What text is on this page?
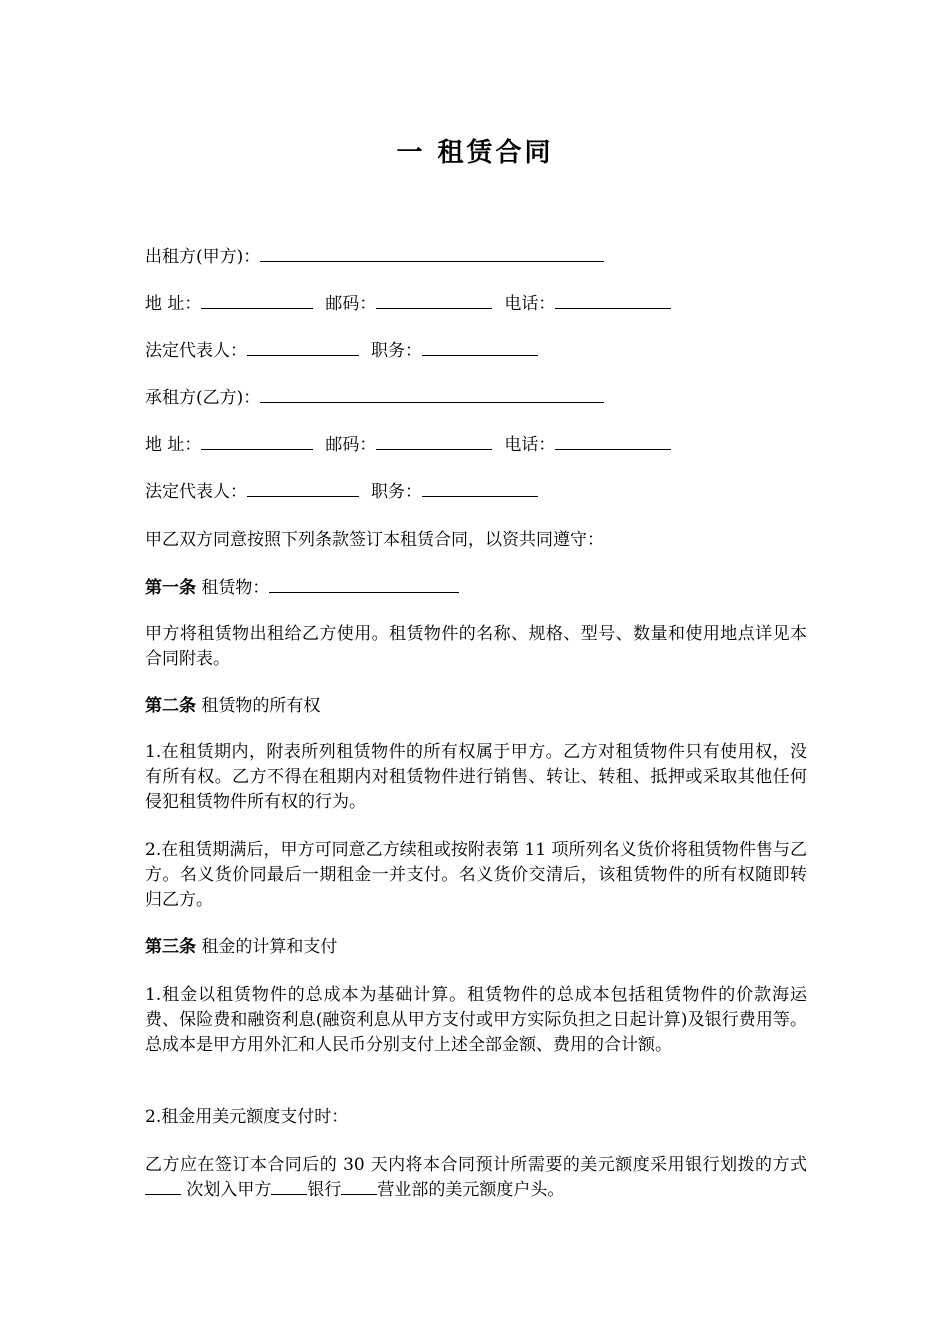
一 租赁合同
出租方(甲方)：
地 址：	邮码：	电话：
法定代表人：	职务：
承租方(乙方)：
地 址：	邮码：	电话：
法定代表人：	职务：
甲乙双方同意按照下列条款签订本租赁合同，以资共同遵守：
第一条 租赁物：
甲方将租赁物出租给乙方使用。租赁物件的名称、规格、型号、数量和使用地点详见本合同附表。
第二条 租赁物的所有权
1.在租赁期内，附表所列租赁物件的所有权属于甲方。乙方对租赁物件只有使用权，没有所有权。乙方不得在租期内对租赁物件进行销售、转让、转租、抵押或采取其他任何侵犯租赁物件所有权的行为。
2.在租赁期满后，甲方可同意乙方续租或按附表第 11 项所列名义货价将租赁物件售与乙方。名义货价同最后一期租金一并支付。名义货价交清后，该租赁物件的所有权随即转归乙方。
第三条 租金的计算和支付
1.租金以租赁物件的总成本为基础计算。租赁物件的总成本包括租赁物件的价款海运费、保险费和融资利息(融资利息从甲方支付或甲方实际负担之日起计算)及银行费用等。总成本是甲方用外汇和人民币分别支付上述全部金额、费用的合计额。
2.租金用美元额度支付时：
乙方应在签订本合同后的 30 天内将本合同预计所需要的美元额度采用银行划拨的方式 次划入甲方 银行 营业部的美元额度户头。
